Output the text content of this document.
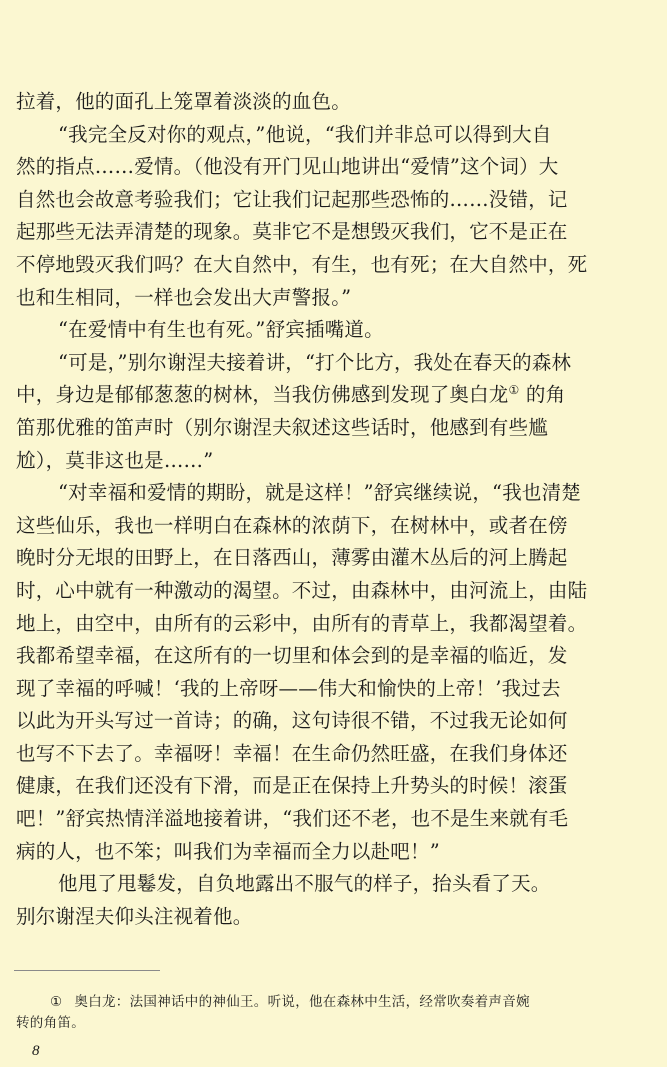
拉着，他的面孔上笼罩着淡淡的血色。
“我完全反对你的观点，”他说，“我们并非总可以得到大自
然的指点……爱情。（他没有开门见山地讲出“爱情”这个词）大
自然也会故意考验我们；它让我们记起那些恐怖的……没错，记
起那些无法弄清楚的现象。莫非它不是想毁灭我们，它不是正在
不停地毁灭我们吗？在大自然中，有生，也有死；在大自然中，死
也和生相同，一样也会发出大声警报。”
“在爱情中有生也有死。”舒宾插嘴道。
“可是，”别尔谢涅夫接着讲，“打个比方，我处在春天的森林
中，身边是郁郁葱葱的树林，当我仿佛感到发现了奥白龙① 的角
笛那优雅的笛声时（别尔谢涅夫叙述这些话时，他感到有些尴
尬），莫非这也是……”
“对幸福和爱情的期盼，就是这样！”舒宾继续说，“我也清楚
这些仙乐，我也一样明白在森林的浓荫下，在树林中，或者在傍
晚时分无垠的田野上，在日落西山，薄雾由灌木丛后的河上腾起
时，心中就有一种激动的渴望。不过，由森林中，由河流上，由陆
地上，由空中，由所有的云彩中，由所有的青草上，我都渴望着。
我都希望幸福，在这所有的一切里和体会到的是幸福的临近，发
现了幸福的呼喊！‘我的上帝呀——伟大和愉快的上帝！’我过去
以此为开头写过一首诗；的确，这句诗很不错，不过我无论如何
也写不下去了。幸福呀！幸福！在生命仍然旺盛，在我们身体还
健康，在我们还没有下滑，而是正在保持上升势头的时候！滚蛋
吧！”舒宾热情洋溢地接着讲，“我们还不老，也不是生来就有毛
病的人，也不笨；叫我们为幸福而全力以赴吧！”
他甩了甩鬈发，自负地露出不服气的样子，抬头看了天。
别尔谢涅夫仰头注视着他。
① 奥白龙：法国神话中的神仙王。听说，他在森林中生活，经常吹奏着声音婉
转的角笛。
8
